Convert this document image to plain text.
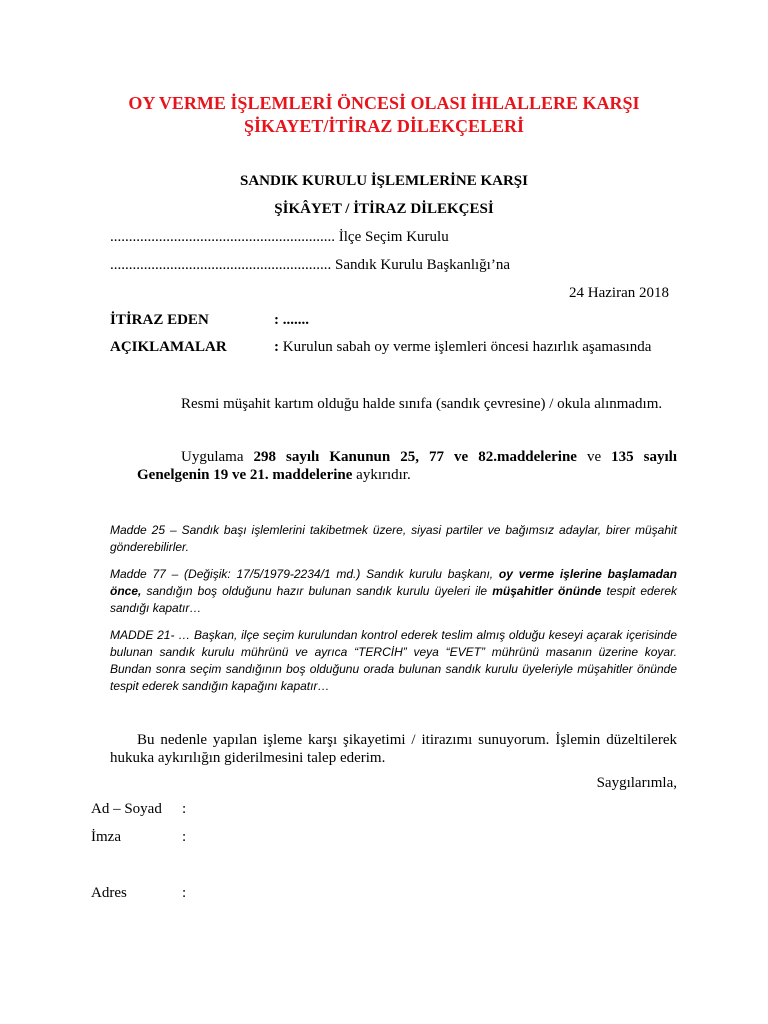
OY VERME İŞLEMLERİ ÖNCESİ OLASI İHLALLERE KARŞI
ŞİKAYET/İTİRAZ DİLEKÇELERİ
SANDIK KURULU İŞLEMLERİNE KARŞI
ŞİKÂYET / İTİRAZ DİLEKÇESİ
............................................................ İlçe Seçim Kurulu
........................................................... Sandık Kurulu Başkanlığı’na
24 Haziran 2018
İTİRAZ EDEN	: .......
AÇIKLAMALAR	: Kurulun sabah oy verme işlemleri öncesi hazırlık aşamasında
Resmi müşahit kartım olduğu halde sınıfa (sandık çevresine) / okula alınmadım.
Uygulama 298 sayılı Kanunun 25, 77 ve 82.maddelerine ve 135 sayılı Genelgenin 19 ve 21. maddelerine aykırıdır.
Madde 25 – Sandık başı işlemlerini takibetmek üzere, siyasi partiler ve bağımsız adaylar, birer müşahit gönderebilirler.
Madde 77 – (Değişik: 17/5/1979-2234/1 md.) Sandık kurulu başkanı, oy verme işlerine başlamadan önce, sandığın boş olduğunu hazır bulunan sandık kurulu üyeleri ile müşahitler önünde tespit ederek sandığı kapatır…
MADDE 21- … Başkan, ilçe seçim kurulundan kontrol ederek teslim almış olduğu keseyi açarak içerisinde bulunan sandık kurulu mührünü ve ayrıca “TERCİH” veya “EVET” mührünü masanın üzerine koyar. Bundan sonra seçim sandığının boş olduğunu orada bulunan sandık kurulu üyeleriyle müşahitler önünde tespit ederek sandığın kapağını kapatır…
Bu nedenle yapılan işleme karşı şikayetimi / itirazımı sunuyorum. İşlemin düzeltilerek hukuka aykırılığın giderilmesini talep ederim.
Saygılarımla,
Ad – Soyad :
İmza	:
Adres	:
